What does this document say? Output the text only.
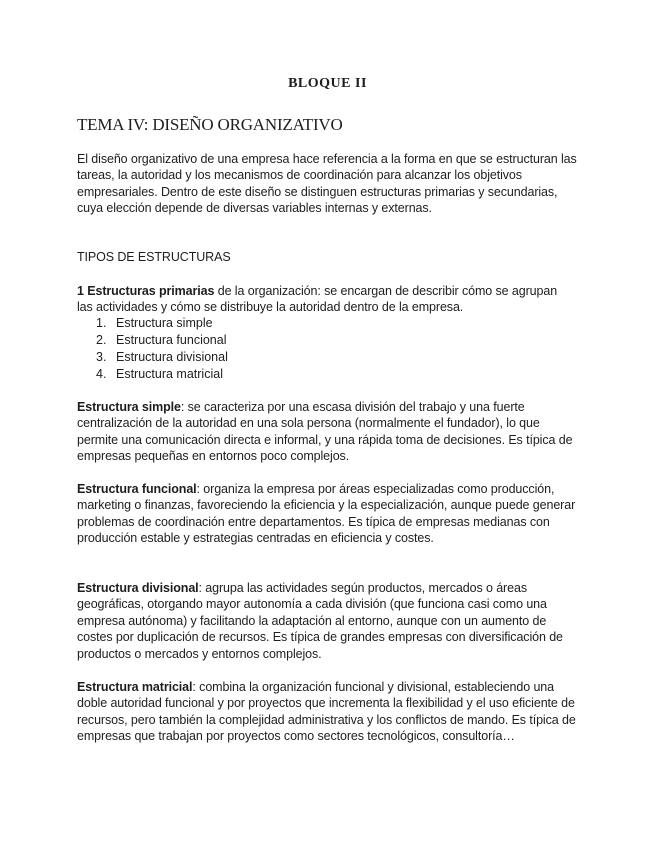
BLOQUE II
TEMA IV: DISEÑO ORGANIZATIVO

El diseño organizativo de una empresa hace referencia a la forma en que se estructuran las tareas, la autoridad y los mecanismos de coordinación para alcanzar los objetivos empresariales. Dentro de este diseño se distinguen estructuras primarias y secundarias, cuya elección depende de diversas variables internas y externas.

TIPOS DE ESTRUCTURAS

1 Estructuras primarias de la organización: se encargan de describir cómo se agrupan las actividades y cómo se distribuye la autoridad dentro de la empresa.

1. Estructura simple
2. Estructura funcional
3. Estructura divisional
4. Estructura matricial

Estructura simple: se caracteriza por una escasa división del trabajo y una fuerte centralización de la autoridad en una sola persona (normalmente el fundador), lo que permite una comunicación directa e informal, y una rápida toma de decisiones. Es típica de empresas pequeñas en entornos poco complejos.

Estructura funcional: organiza la empresa por áreas especializadas como producción, marketing o finanzas, favoreciendo la eficiencia y la especialización, aunque puede generar problemas de coordinación entre departamentos. Es típica de empresas medianas con producción estable y estrategias centradas en eficiencia y costes.

Estructura divisional: agrupa las actividades según productos, mercados o áreas geográficas, otorgando mayor autonomía a cada división (que funciona casi como una empresa autónoma) y facilitando la adaptación al entorno, aunque con un aumento de costes por duplicación de recursos. Es típica de grandes empresas con diversificación de productos o mercados y entornos complejos.

Estructura matricial: combina la organización funcional y divisional, estableciendo una doble autoridad funcional y por proyectos que incrementa la flexibilidad y el uso eficiente de recursos, pero también la complejidad administrativa y los conflictos de mando. Es típica de empresas que trabajan por proyectos como sectores tecnológicos, consultoría…
